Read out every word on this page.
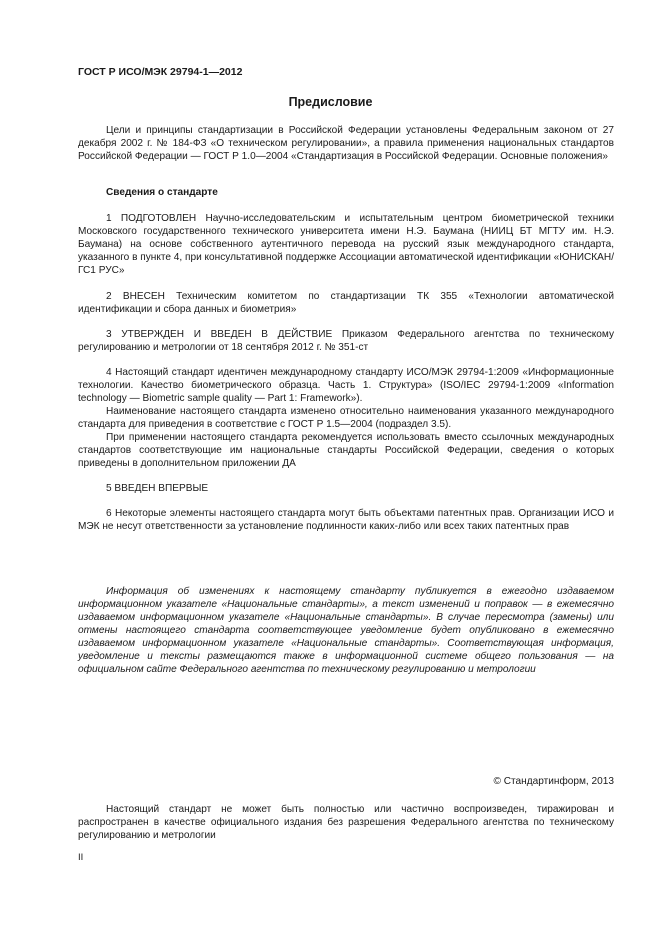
ГОСТ Р ИСО/МЭК 29794-1—2012
Предисловие

Цели и принципы стандартизации в Российской Федерации установлены Федеральным законом от 27 декабря 2002 г. № 184-ФЗ «О техническом регулировании», а правила применения национальных стандартов Российской Федерации — ГОСТ Р 1.0—2004 «Стандартизация в Российской Федерации. Основные положения»

Сведения о стандарте

1 ПОДГОТОВЛЕН Научно-исследовательским и испытательным центром биометрической техники Московского государственного технического университета имени Н.Э. Баумана (НИИЦ БТ МГТУ им. Н.Э. Баумана) на основе собственного аутентичного перевода на русский язык международного стандарта, указанного в пункте 4, при консультативной поддержке Ассоциации автоматической идентификации «ЮНИСКАН/ГС1 РУС»

2 ВНЕСЕН Техническим комитетом по стандартизации ТК 355 «Технологии автоматической идентификации и сбора данных и биометрия»

3 УТВЕРЖДЕН И ВВЕДЕН В ДЕЙСТВИЕ Приказом Федерального агентства по техническому регулированию и метрологии от 18 сентября 2012 г. № 351-ст

4 Настоящий стандарт идентичен международному стандарту ИСО/МЭК 29794-1:2009 «Информационные технологии. Качество биометрического образца. Часть 1. Структура» (ISO/IEC 29794-1:2009 «Information technology — Biometric sample quality — Part 1: Framework»).

Наименование настоящего стандарта изменено относительно наименования указанного международного стандарта для приведения в соответствие с ГОСТ Р 1.5—2004 (подраздел 3.5).

При применении настоящего стандарта рекомендуется использовать вместо ссылочных международных стандартов соответствующие им национальные стандарты Российской Федерации, сведения о которых приведены в дополнительном приложении ДА

5 ВВЕДЕН ВПЕРВЫЕ

6 Некоторые элементы настоящего стандарта могут быть объектами патентных прав. Организации ИСО и МЭК не несут ответственности за установление подлинности каких-либо или всех таких патентных прав

Информация об изменениях к настоящему стандарту публикуется в ежегодно издаваемом информационном указателе «Национальные стандарты», а текст изменений и поправок — в ежемесячно издаваемом информационном указателе «Национальные стандарты». В случае пересмотра (замены) или отмены настоящего стандарта соответствующее уведомление будет опубликовано в ежемесячно издаваемом информационном указателе «Национальные стандарты». Соответствующая информация, уведомление и тексты размещаются также в информационной системе общего пользования — на официальном сайте Федерального агентства по техническому регулированию и метрологии

© Стандартинформ, 2013

Настоящий стандарт не может быть полностью или частично воспроизведен, тиражирован и распространен в качестве официального издания без разрешения Федерального агентства по техническому регулированию и метрологии

II
